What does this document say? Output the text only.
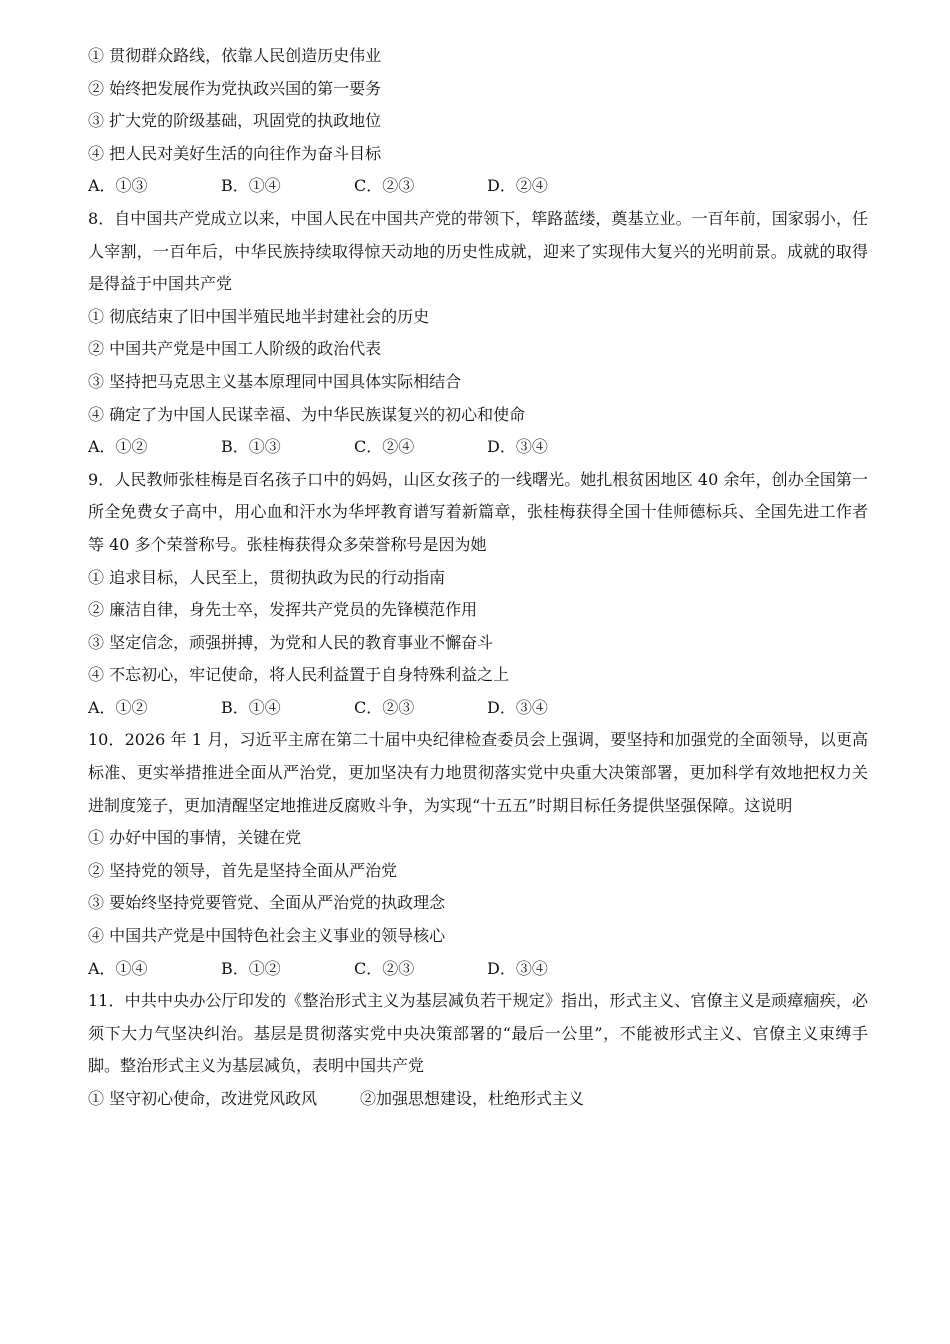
① 贯彻群众路线，依靠人民创造历史伟业
② 始终把发展作为党执政兴国的第一要务
③ 扩大党的阶级基础，巩固党的执政地位
④ 把人民对美好生活的向往作为奋斗目标
A．①③	B．①④	C．②③	D．②④
8．自中国共产党成立以来，中国人民在中国共产党的带领下，筚路蓝缕，奠基立业。一百年前，国家弱小，任人宰割，一百年后，中华民族持续取得惊天动地的历史性成就，迎来了实现伟大复兴的光明前景。成就的取得是得益于中国共产党
① 彻底结束了旧中国半殖民地半封建社会的历史
② 中国共产党是中国工人阶级的政治代表
③ 坚持把马克思主义基本原理同中国具体实际相结合
④ 确定了为中国人民谋幸福、为中华民族谋复兴的初心和使命
A．①②	B．①③	C．②④	D．③④
9．人民教师张桂梅是百名孩子口中的妈妈，山区女孩子的一线曙光。她扎根贫困地区 40 余年，创办全国第一所全免费女子高中，用心血和汗水为华坪教育谱写着新篇章，张桂梅获得全国十佳师德标兵、全国先进工作者等 40 多个荣誉称号。张桂梅获得众多荣誉称号是因为她
① 追求目标，人民至上，贯彻执政为民的行动指南
② 廉洁自律，身先士卒，发挥共产党员的先锋模范作用
③ 坚定信念，顽强拼搏，为党和人民的教育事业不懈奋斗
④ 不忘初心，牢记使命，将人民利益置于自身特殊利益之上
A．①②	B．①④	C．②③	D．③④
10．2026 年 1 月，习近平主席在第二十届中央纪律检查委员会上强调，要坚持和加强党的全面领导，以更高标准、更实举措推进全面从严治党，更加坚决有力地贯彻落实党中央重大决策部署，更加科学有效地把权力关进制度笼子，更加清醒坚定地推进反腐败斗争，为实现“十五五”时期目标任务提供坚强保障。这说明
① 办好中国的事情，关键在党
② 坚持党的领导，首先是坚持全面从严治党
③ 要始终坚持党要管党、全面从严治党的执政理念
④ 中国共产党是中国特色社会主义事业的领导核心
A．①④	B．①②	C．②③	D．③④
11．中共中央办公厅印发的《整治形式主义为基层减负若干规定》指出，形式主义、官僚主义是顽瘴痼疾，必须下大力气坚决纠治。基层是贯彻落实党中央决策部署的“最后一公里”，不能被形式主义、官僚主义束缚手脚。整治形式主义为基层减负，表明中国共产党
① 坚守初心使命，改进党风政风	②加强思想建设，杜绝形式主义
